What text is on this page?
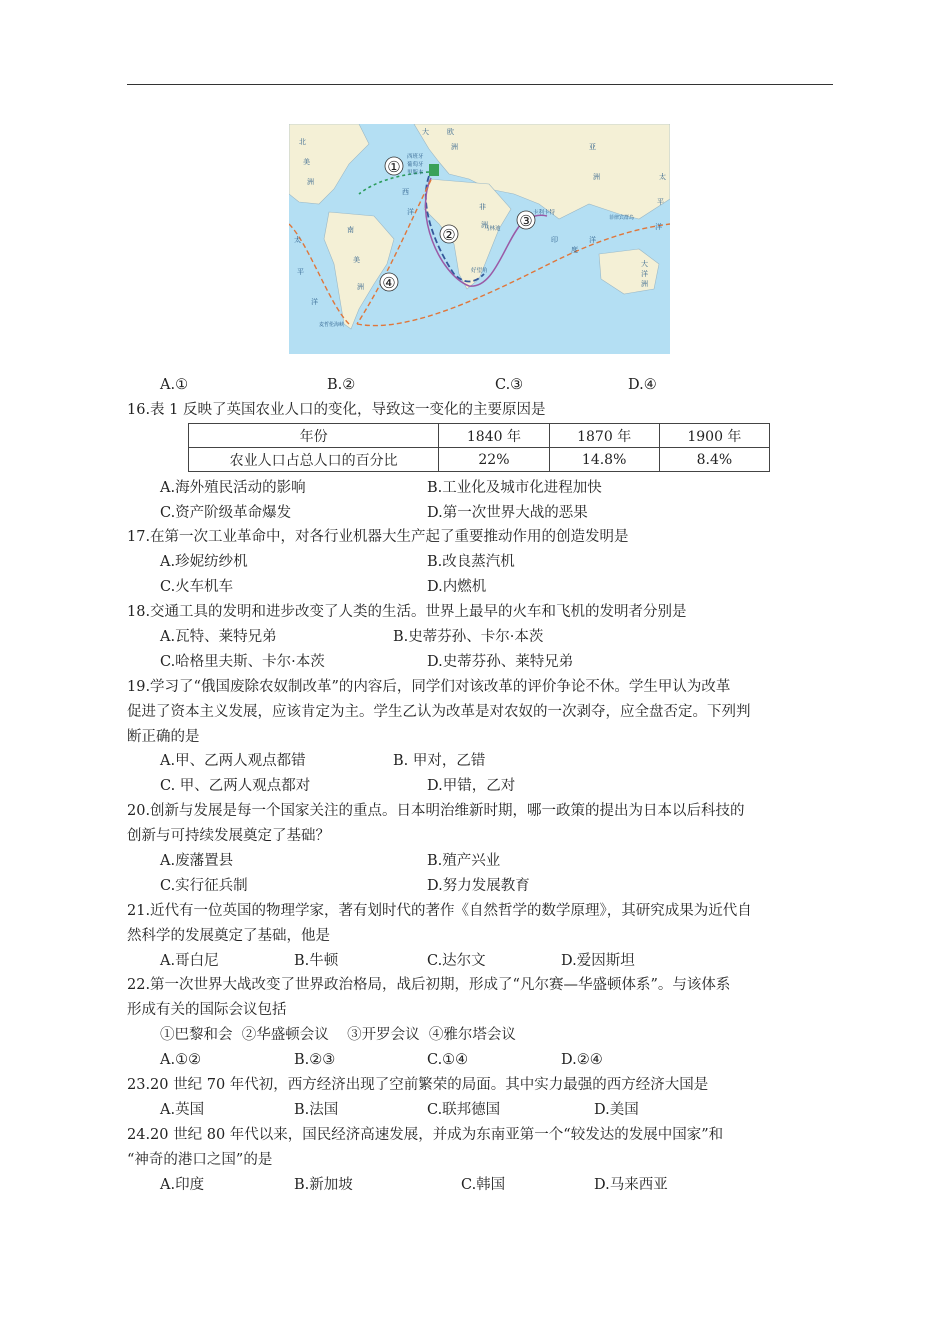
①
②
③
④
西班牙
葡萄牙
里斯本
马林迪
卡利卡特
好望角
麦哲伦海峡
菲律宾群岛
北
美
洲
南
美
洲
欧
洲
非
洲
亚
洲
大
洋
洲
大
西
洋
太
平
洋
印
度
洋
太
平
洋
A.①	B.②	C.③	D.④
16.表 1 反映了英国农业人口的变化，导致这一变化的主要原因是
年份	1840 年	1870 年	1900 年
农业人口占总人口的百分比	22%	14.8%	8.4%
A.海外殖民活动的影响	B.工业化及城市化进程加快
C.资产阶级革命爆发	D.第一次世界大战的恶果
17.在第一次工业革命中，对各行业机器大生产起了重要推动作用的创造发明是
A.珍妮纺纱机	B.改良蒸汽机
C.火车机车	D.内燃机
18.交通工具的发明和进步改变了人类的生活。世界上最早的火车和飞机的发明者分别是
A.瓦特、莱特兄弟	B.史蒂芬孙、卡尔·本茨
C.哈格里夫斯、卡尔·本茨	D.史蒂芬孙、莱特兄弟
19.学习了“俄国废除农奴制改革”的内容后，同学们对该改革的评价争论不休。学生甲认为改革
促进了资本主义发展，应该肯定为主。学生乙认为改革是对农奴的一次剥夺，应全盘否定。下列判
断正确的是
A.甲、乙两人观点都错	B. 甲对，乙错
C. 甲、乙两人观点都对	D.甲错，乙对
20.创新与发展是每一个国家关注的重点。日本明治维新时期，哪一政策的提出为日本以后科技的
创新与可持续发展奠定了基础？
A.废藩置县	B.殖产兴业
C.实行征兵制	D.努力发展教育
21.近代有一位英国的物理学家，著有划时代的著作《自然哲学的数学原理》，其研究成果为近代自
然科学的发展奠定了基础，他是
A.哥白尼	B.牛顿	C.达尔文	D.爱因斯坦
22.第一次世界大战改变了世界政治格局，战后初期，形成了“凡尔赛—华盛顿体系”。与该体系
形成有关的国际会议包括
①巴黎和会  ②华盛顿会议    ③开罗会议  ④雅尔塔会议
A.①②	B.②③	C.①④	D.②④
23.20 世纪 70 年代初，西方经济出现了空前繁荣的局面。其中实力最强的西方经济大国是
A.英国	B.法国	C.联邦德国	D.美国
24.20 世纪 80 年代以来，国民经济高速发展，并成为东南亚第一个“较发达的发展中国家”和
“神奇的港口之国”的是
A.印度	B.新加坡	C.韩国	D.马来西亚
